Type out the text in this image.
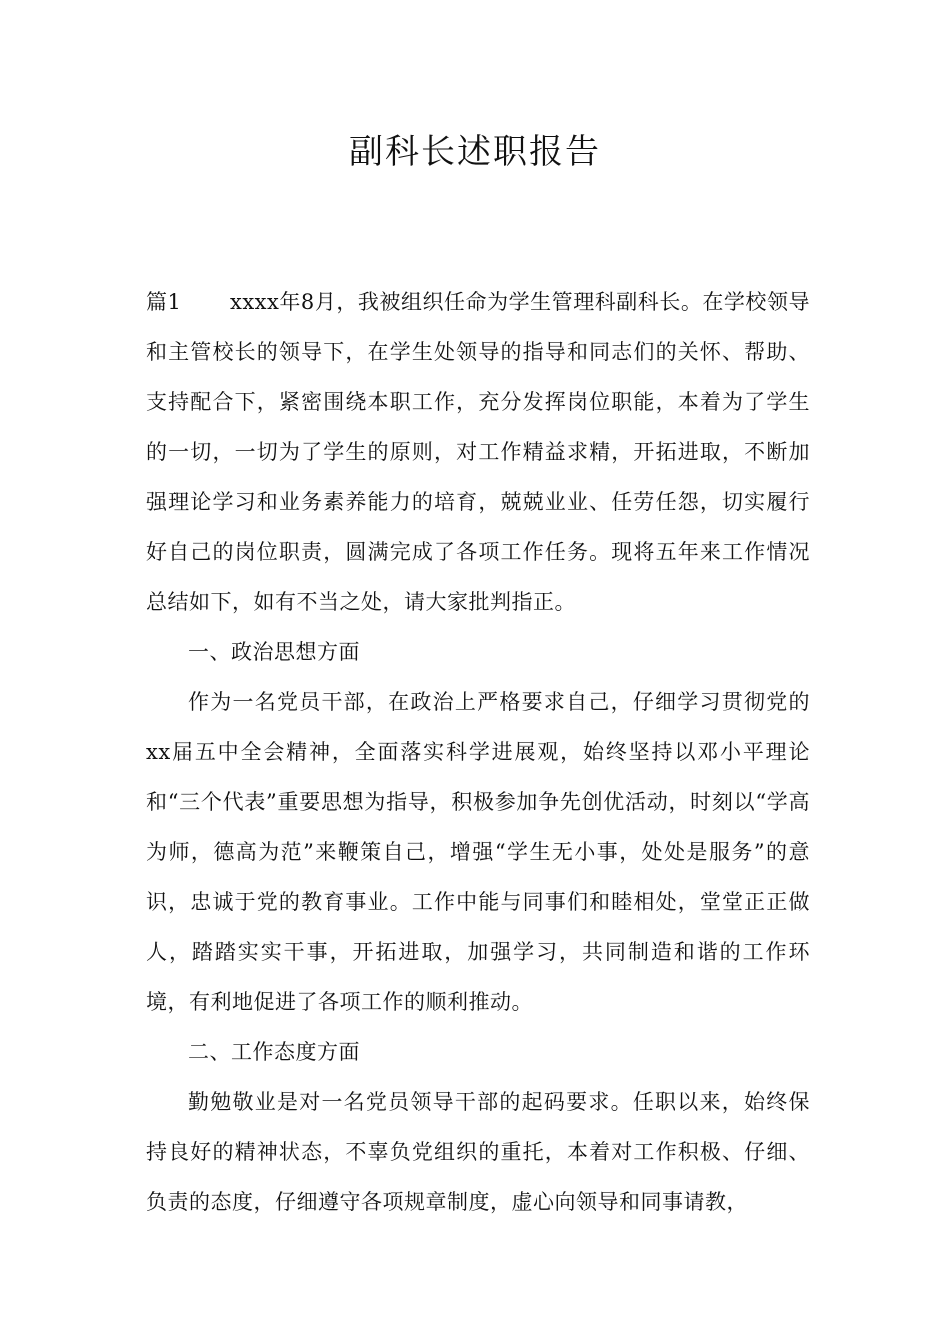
副科长述职报告

篇1 xxxx年8月，我被组织任命为学生管理科副科长。在学校领导和主管校长的领导下，在学生处领导的指导和同志们的关怀、帮助、支持配合下，紧密围绕本职工作，充分发挥岗位职能，本着为了学生的一切，一切为了学生的原则，对工作精益求精，开拓进取，不断加强理论学习和业务素养能力的培育，兢兢业业、任劳任怨，切实履行好自己的岗位职责，圆满完成了各项工作任务。现将五年来工作情况总结如下，如有不当之处，请大家批判指正。

一、政治思想方面

作为一名党员干部，在政治上严格要求自己，仔细学习贯彻党的xx届五中全会精神，全面落实科学进展观，始终坚持以邓小平理论和“三个代表”重要思想为指导，积极参加争先创优活动，时刻以“学高为师，德高为范”来鞭策自己，增强“学生无小事，处处是服务”的意识，忠诚于党的教育事业。工作中能与同事们和睦相处，堂堂正正做人，踏踏实实干事，开拓进取，加强学习，共同制造和谐的工作环境，有利地促进了各项工作的顺利推动。

二、工作态度方面

勤勉敬业是对一名党员领导干部的起码要求。任职以来，始终保持良好的精神状态，不辜负党组织的重托，本着对工作积极、仔细、负责的态度，仔细遵守各项规章制度，虚心向领导和同事请教，
